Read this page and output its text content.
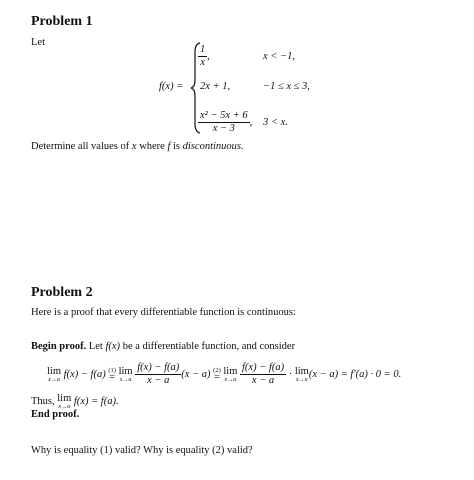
Problem 1
Let
f(x) =
$\frac{1}{x}$ ,	x < −1,
2x + 1,	−1 ≤ x ≤ 3,
$\frac{\text{x² − 5x + 6}}{x - 3}$ , 3 < x.
Determine all values of x where f is discontinuous.
Problem 2
Here is a proof that every differentiable function is continuous:
Begin proof. Let f(x) be a differentiable function, and consider
lim
x→a
f(x) − f(a) (1)
= lim
x→a
$\frac{f(x) - f(a)}{x - a} (x - a)$ (2)
= lim
x→a
$\frac{f(x) - f(a)}{x - a} \cdot \lim$
x→a
(x − a) = f′(a) · 0 = 0.
Thus, lim
x→a
f(x) = f(a).
End proof.
Why is equality (1) valid? Why is equality (2) valid?
